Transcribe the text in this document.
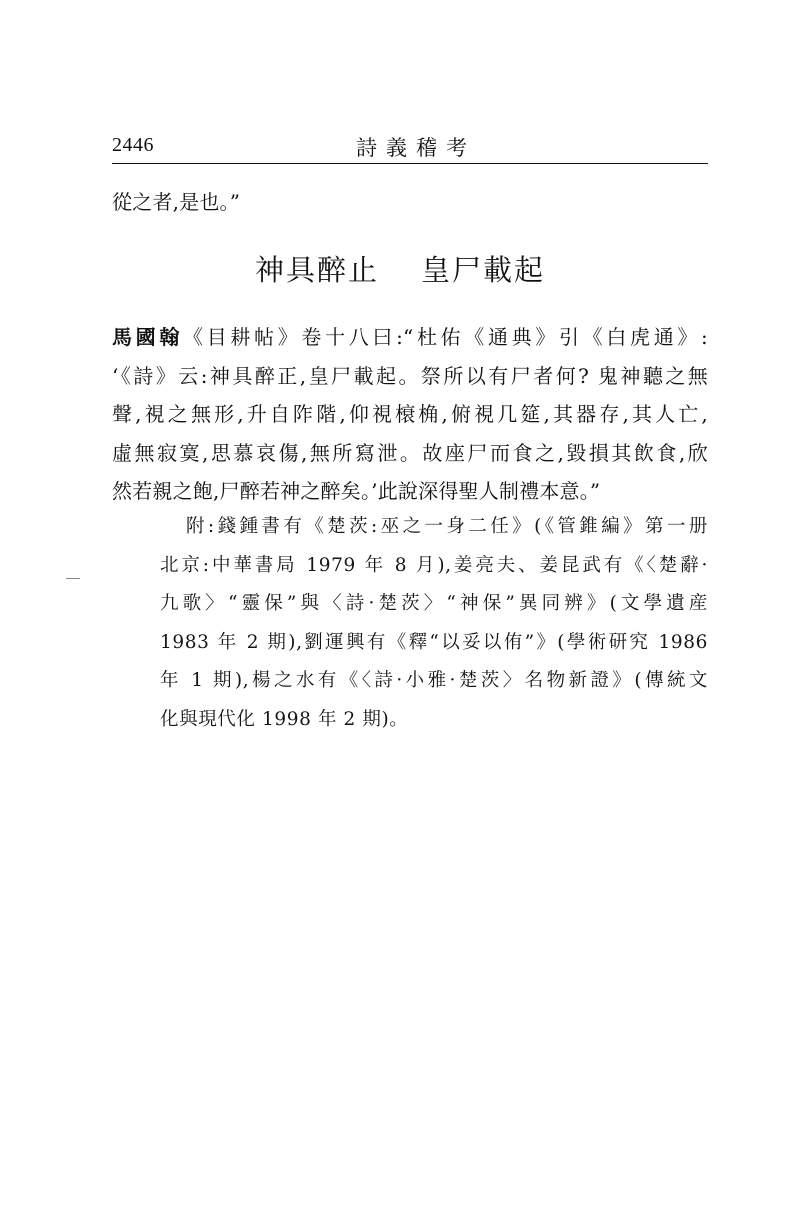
2446	詩義稽考
從之者,是也。”
神具醉止 皇尸載起
馬國翰《目耕帖》卷十八曰:“杜佑《通典》引《白虎通》:
‘《詩》云:神具醉正,皇尸載起。祭所以有尸者何? 鬼神聽之無
聲,視之無形,升自阼階,仰視榱桷,俯視几筵,其器存,其人亡,
虛無寂寞,思慕哀傷,無所寫泄。故座尸而食之,毀損其飲食,欣
然若親之飽,尸醉若神之醉矣。’此說深得聖人制禮本意。”
附:錢鍾書有《楚茨:巫之一身二任》(《管錐編》第一册
北京:中華書局 1979 年 8 月),姜亮夫、姜昆武有《〈楚辭·
九歌〉“靈保”與〈詩·楚茨〉“神保”異同辨》(文學遺産
1983 年 2 期),劉運興有《釋“以妥以侑”》(學術研究 1986
年 1 期),楊之水有《〈詩·小雅·楚茨〉名物新證》(傳統文
化與現代化 1998 年 2 期)。
